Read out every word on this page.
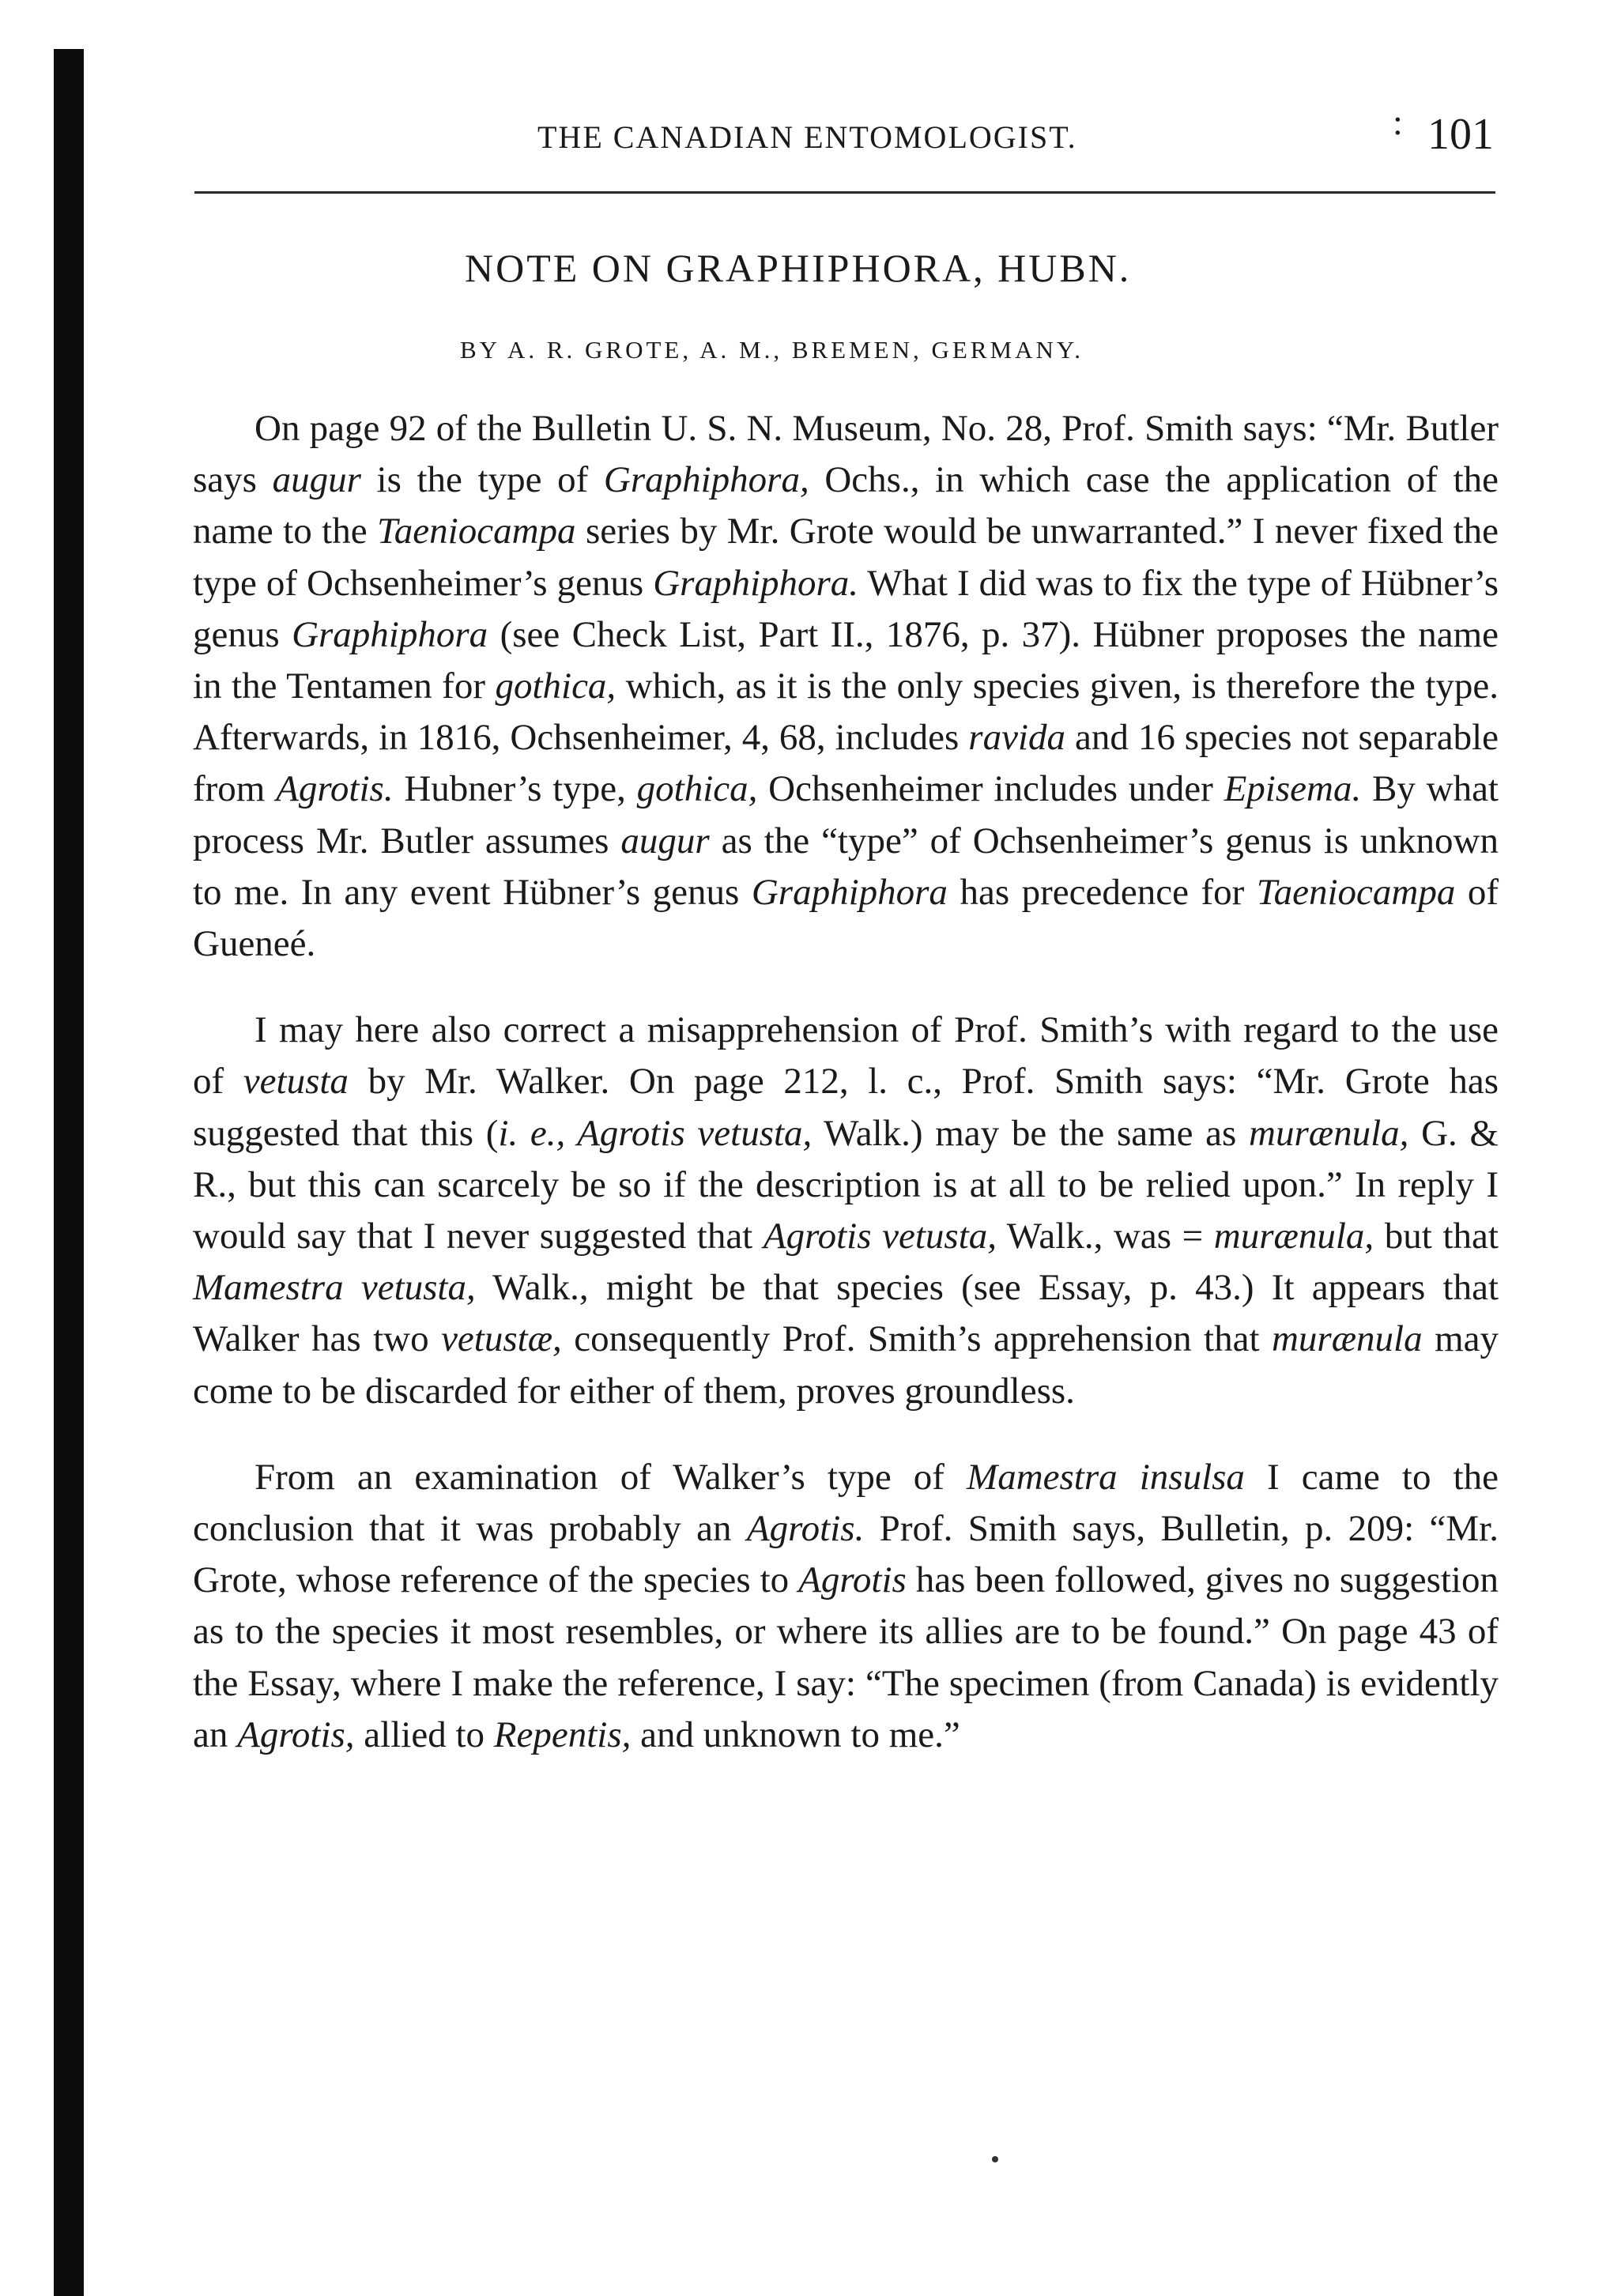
THE CANADIAN ENTOMOLOGIST.	: 101
NOTE ON GRAPHIPHORA, HUBN.
BY A. R. GROTE, A. M., BREMEN, GERMANY.

On page 92 of the Bulletin U. S. N. Museum, No. 28, Prof. Smith says: “Mr. Butler says augur is the type of Graphiphora, Ochs., in which case the application of the name to the Taeniocampa series by Mr. Grote would be unwarranted.” I never fixed the type of Ochsenheimer’s genus Graphiphora. What I did was to fix the type of Hübner’s genus Graphiphora (see Check List, Part II., 1876, p. 37). Hübner proposes the name in the Tentamen for gothica, which, as it is the only species given, is therefore the type. Afterwards, in 1816, Ochsenheimer, 4, 68, includes ravida and 16 species not separable from Agrotis. Hubner’s type, gothica, Ochsenheimer includes under Episema. By what process Mr. Butler assumes augur as the “type” of Ochsenheimer’s genus is unknown to me. In any event Hübner’s genus Graphiphora has precedence for Taeniocampa of Gueneé.

I may here also correct a misapprehension of Prof. Smith’s with regard to the use of vetusta by Mr. Walker. On page 212, l. c., Prof. Smith says: “Mr. Grote has suggested that this (i. e., Agrotis vetusta, Walk.) may be the same as murænula, G. & R., but this can scarcely be so if the description is at all to be relied upon.” In reply I would say that I never suggested that Agrotis vetusta, Walk., was = murænula, but that Mamestra vetusta, Walk., might be that species (see Essay, p. 43.) It appears that Walker has two vetustæ, consequently Prof. Smith’s apprehension that murænula may come to be discarded for either of them, proves groundless.

From an examination of Walker’s type of Mamestra insulsa I came to the conclusion that it was probably an Agrotis. Prof. Smith says, Bulletin, p. 209: “Mr. Grote, whose reference of the species to Agrotis has been followed, gives no suggestion as to the species it most resembles, or where its allies are to be found.” On page 43 of the Essay, where I make the reference, I say: “The specimen (from Canada) is evidently an Agrotis, allied to Repentis, and unknown to me.”
